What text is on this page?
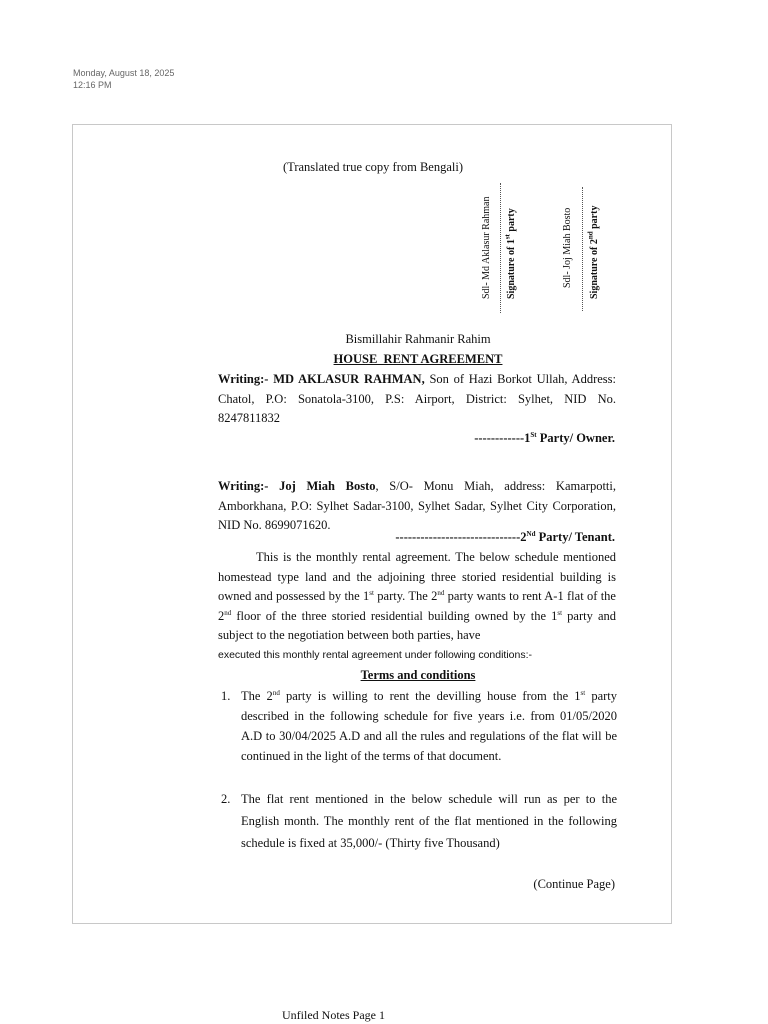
Monday, August 18, 2025
12:16 PM
(Translated true copy from Bengali)
Sdl- Md Aklasur Rahman Signature of 1st party	Sdl- Joj Miah Bosto Signature of 2nd party
Bismillahir Rahmanir Rahim
HOUSE  RENT AGREEMENT
Writing:- MD AKLASUR RAHMAN, Son of Hazi Borkot Ullah, Address: Chatol, P.O: Sonatola-3100, P.S: Airport, District: Sylhet, NID No. 8247811832
------------1St Party/ Owner.
Writing:- Joj Miah Bosto, S/O- Monu Miah, address: Kamarpotti, Amborkhana, P.O: Sylhet Sadar-3100, Sylhet Sadar, Sylhet City Corporation, NID No. 8699071620.
------------------------------2Nd Party/ Tenant.
This is the monthly rental agreement. The below schedule mentioned homestead type land and the adjoining three storied residential building is owned and possessed by the 1st party. The 2nd party wants to rent A-1 flat of the 2nd floor of the three storied residential building owned by the 1st party and subject to the negotiation between both parties, have
executed this monthly rental agreement under following conditions:-
Terms and conditions
1. The 2nd party is willing to rent the devilling house from the 1st party described in the following schedule for five years i.e. from 01/05/2020 A.D to 30/04/2025 A.D and all the rules and regulations of the flat will be continued in the light of the terms of that document.
2. The flat rent mentioned in the below schedule will run as per to the English month. The monthly rent of the flat mentioned in the following schedule is fixed at 35,000/- (Thirty five Thousand)
(Continue Page)
Unfiled Notes Page 1
